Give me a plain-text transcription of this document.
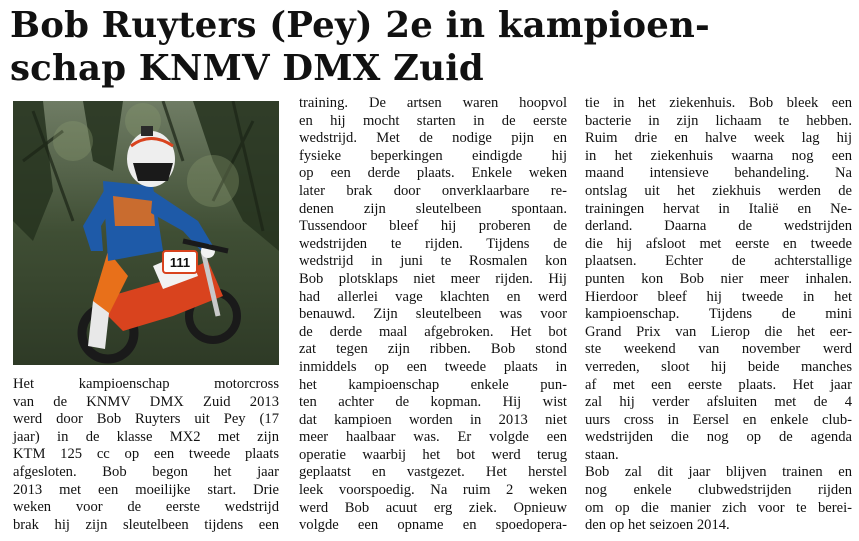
Bob Ruyters (Pey) 2e in kampioen-
schap KNMV DMX Zuid
111

Het kampioenschap motorcross
van de KNMV DMX Zuid 2013
werd door Bob Ruyters uit Pey (17
jaar) in de klasse MX2 met zijn
KTM 125 cc op een tweede plaats
afgesloten. Bob begon het jaar
2013 met een moeilijke start. Drie
weken voor de eerste wedstrijd
brak hij zijn sleutelbeen tijdens een

training. De artsen waren hoopvol
en hij mocht starten in de eerste
wedstrijd. Met de nodige pijn en
fysieke beperkingen eindigde hij
op een derde plaats. Enkele weken
later brak door onverklaarbare re-
denen zijn sleutelbeen spontaan.
Tussendoor bleef hij proberen de
wedstrijden te rijden. Tijdens de
wedstrijd in juni te Rosmalen kon
Bob plotsklaps niet meer rijden. Hij
had allerlei vage klachten en werd
benauwd. Zijn sleutelbeen was voor
de derde maal afgebroken. Het bot
zat tegen zijn ribben. Bob stond
inmiddels op een tweede plaats in
het kampioenschap enkele pun-
ten achter de kopman. Hij wist
dat kampioen worden in 2013 niet
meer haalbaar was. Er volgde een
operatie waarbij het bot werd terug
geplaatst en vastgezet. Het herstel
leek voorspoedig. Na ruim 2 weken
werd Bob acuut erg ziek. Opnieuw
volgde een opname en spoedopera-

tie in het ziekenhuis. Bob bleek een
bacterie in zijn lichaam te hebben.
Ruim drie en halve week lag hij
in het ziekenhuis waarna nog een
maand intensieve behandeling. Na
ontslag uit het ziekhuis werden de
trainingen hervat in Italië en Ne-
derland. Daarna de wedstrijden
die hij afsloot met eerste en tweede
plaatsen. Echter de achterstallige
punten kon Bob nier meer inhalen.
Hierdoor bleef hij tweede in het
kampioenschap. Tijdens de mini
Grand Prix van Lierop die het eer-
ste weekend van november werd
verreden, sloot hij beide manches
af met een eerste plaats. Het jaar
zal hij verder afsluiten met de 4
uurs cross in Eersel en enkele club-
wedstrijden die nog op de agenda
staan.

Bob zal dit jaar blijven trainen en
nog enkele clubwedstrijden rijden
om op die manier zich voor te berei-
den op het seizoen 2014.
